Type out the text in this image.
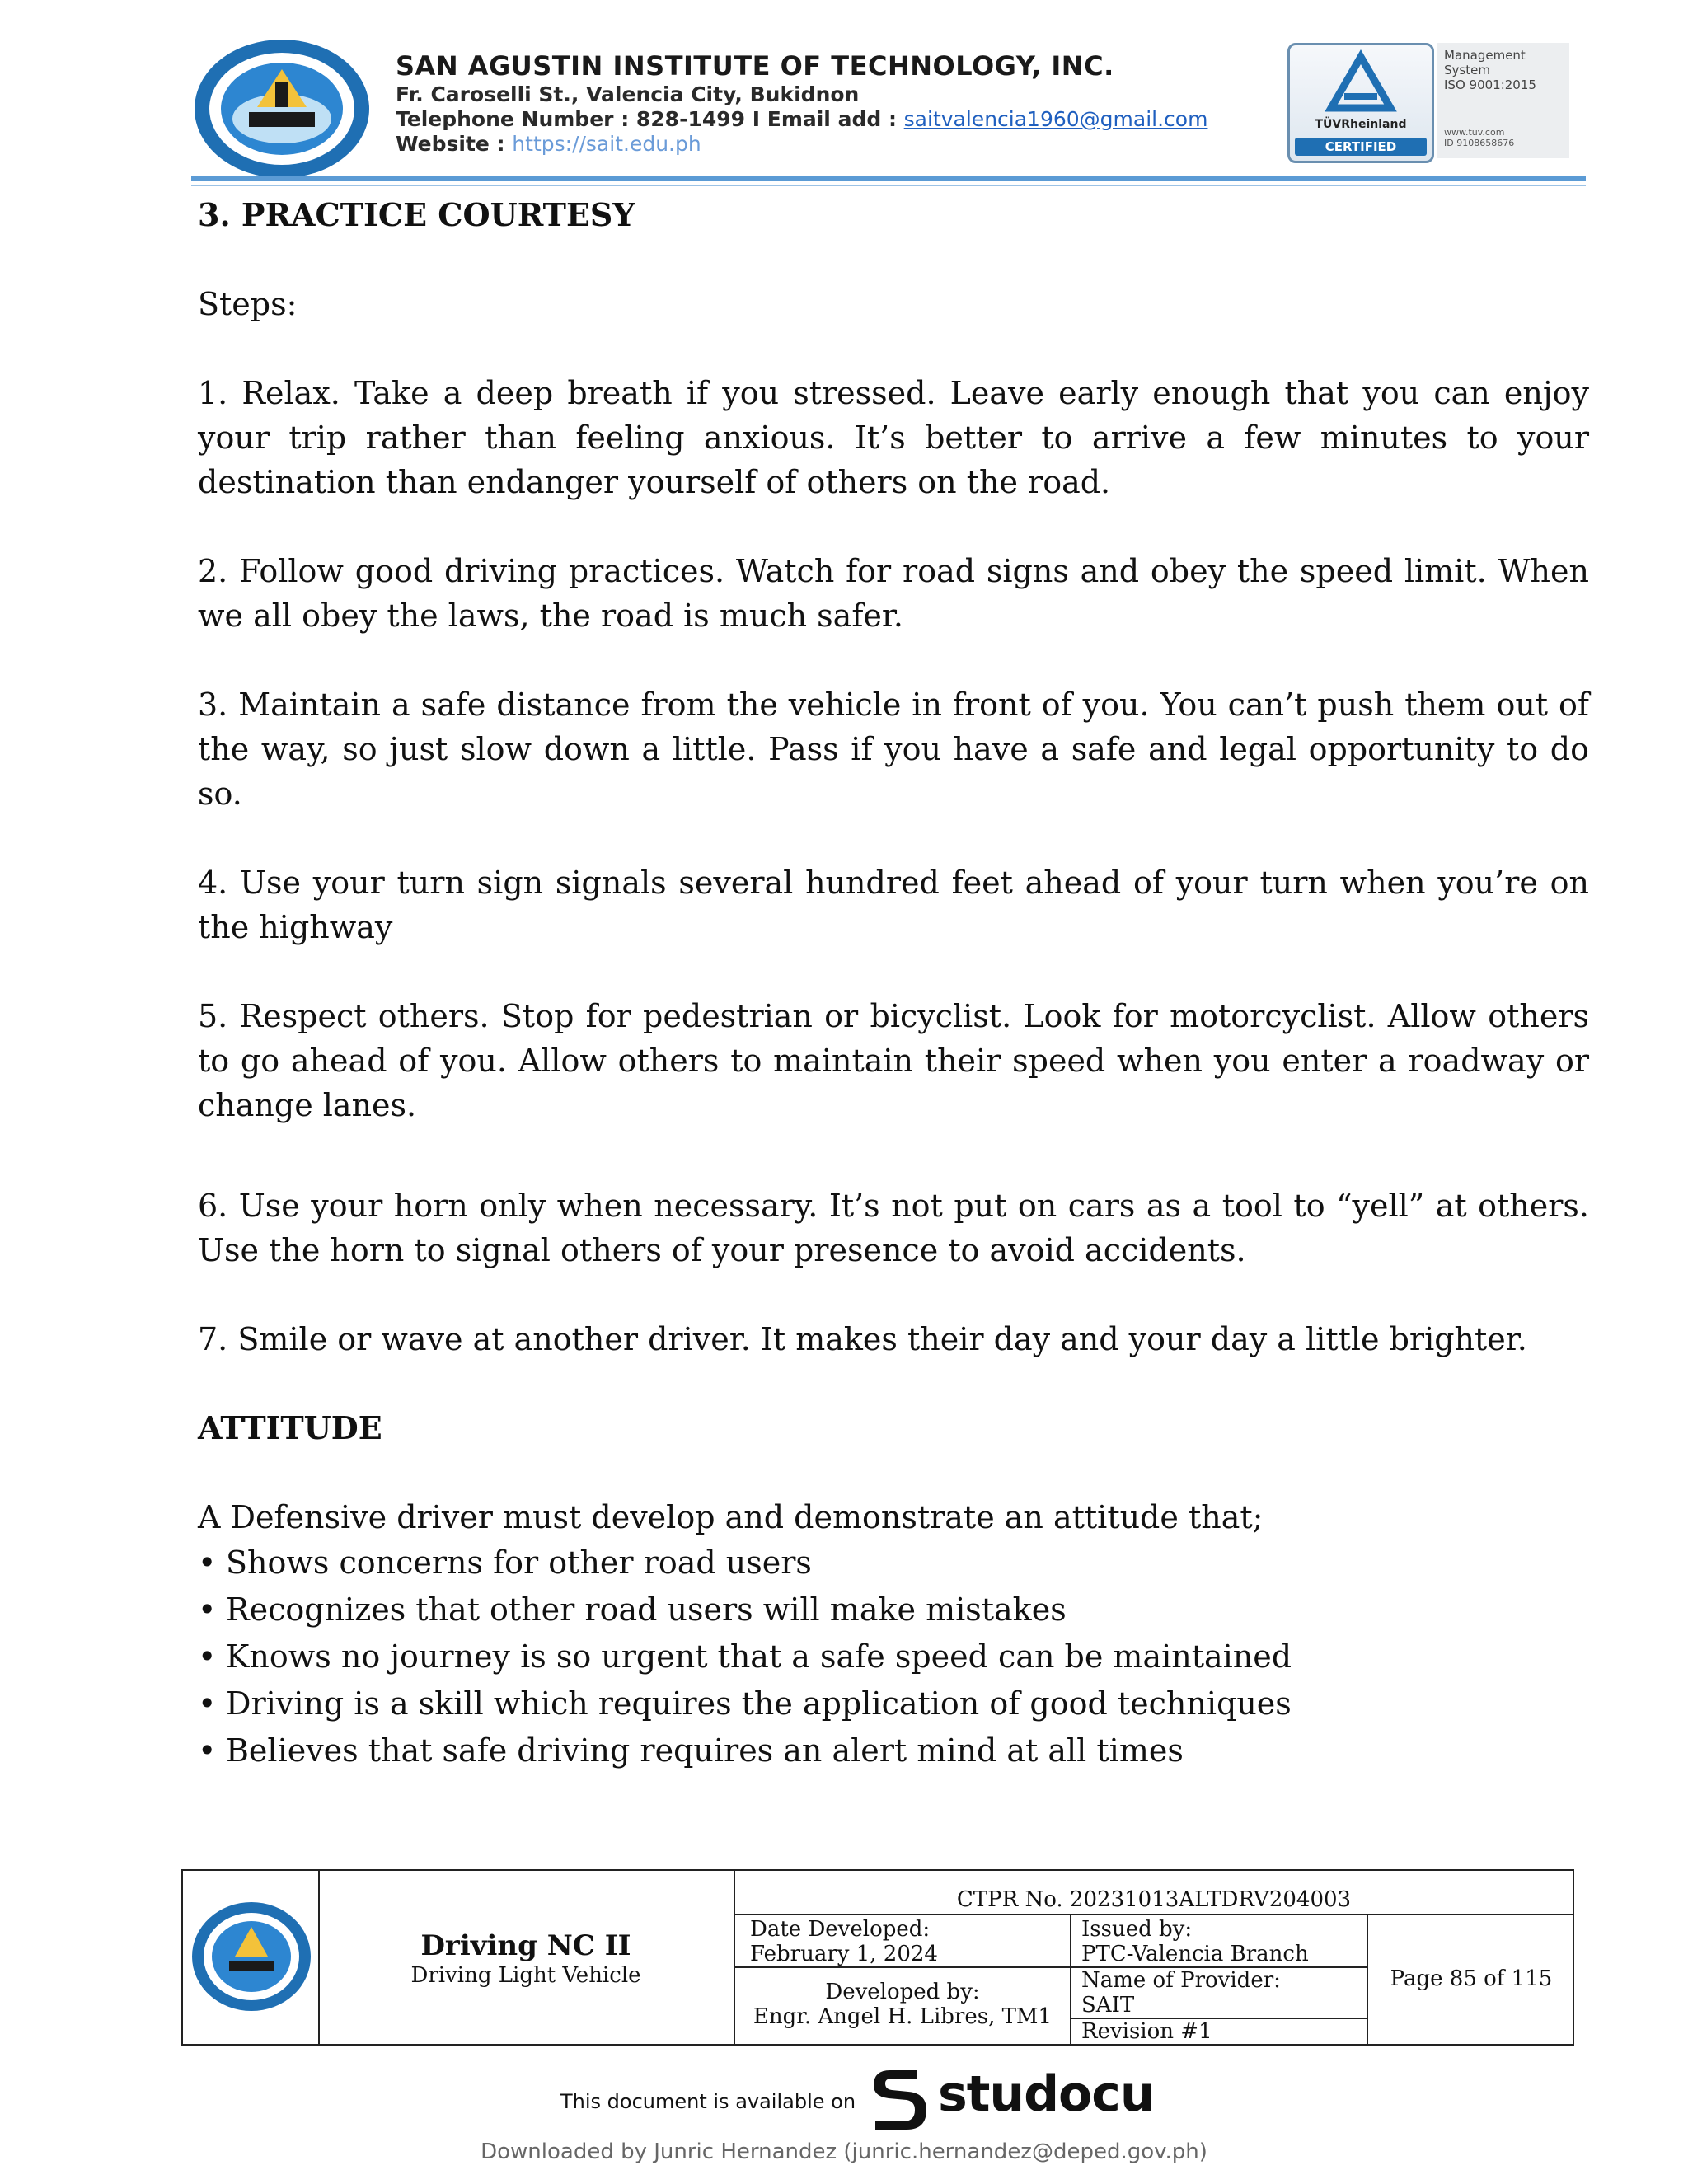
SAN AGUSTIN INSTITUTE OF TECHNOLOGY, INC.
Fr. Caroselli St., Valencia City, Bukidnon
Telephone Number : 828-1499 I Email add : saitvalencia1960@gmail.com
Website : https://sait.edu.ph
TÜVRheinland
CERTIFIED
Management
System
ISO 9001:2015
www.tuv.com
ID 9108658676

3. PRACTICE COURTESY

Steps:

1. Relax. Take a deep breath if you stressed. Leave early enough that you can enjoy your trip rather than feeling anxious. It’s better to arrive a few minutes to your destination than endanger yourself of others on the road.

2. Follow good driving practices. Watch for road signs and obey the speed limit. When we all obey the laws, the road is much safer.

3. Maintain a safe distance from the vehicle in front of you. You can’t push them out of the way, so just slow down a little. Pass if you have a safe and legal opportunity to do so.

4. Use your turn sign signals several hundred feet ahead of your turn when you’re on the highway

5. Respect others. Stop for pedestrian or bicyclist. Look for motorcyclist. Allow others to go ahead of you. Allow others to maintain their speed when you enter a roadway or change lanes.

6. Use your horn only when necessary. It’s not put on cars as a tool to “yell” at others. Use the horn to signal others of your presence to avoid accidents.

7. Smile or wave at another driver. It makes their day and your day a little brighter.

ATTITUDE

A Defensive driver must develop and demonstrate an attitude that;

• Shows concerns for other road users
• Recognizes that other road users will make mistakes
• Knows no journey is so urgent that a safe speed can be maintained
• Driving is a skill which requires the application of good techniques
• Believes that safe driving requires an alert mind at all times
Driving NC II
Driving Light Vehicle
CTPR No. 20231013ALTDRV204003
Date Developed:
February 1, 2024
Issued by:
PTC-Valencia Branch
Developed by:
Engr. Angel H. Libres, TM1
Name of Provider:
SAIT
Revision #1
Page 85 of 115
This document is available on studocu
Downloaded by Junric Hernandez (junric.hernandez@deped.gov.ph)
